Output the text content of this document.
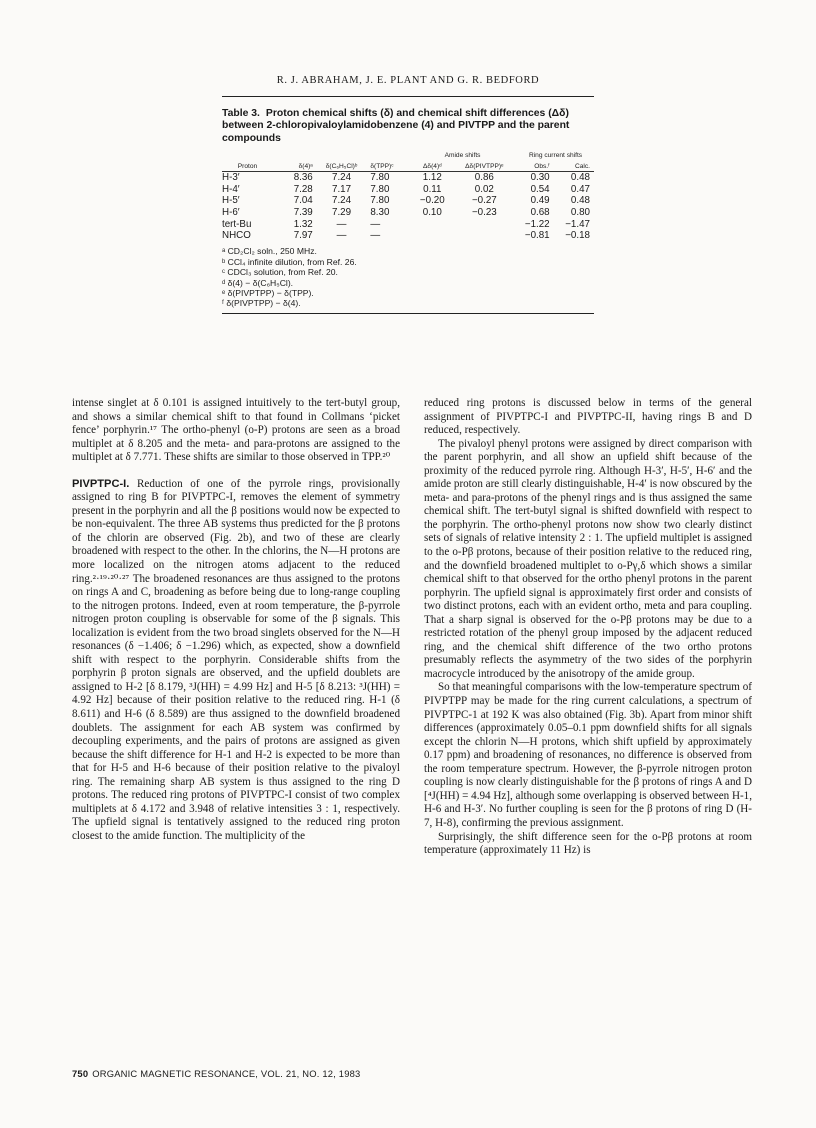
R. J. ABRAHAM, J. E. PLANT AND G. R. BEDFORD
Table 3. Proton chemical shifts (δ) and chemical shift differences (Δδ) between 2-chloropivaloylamidobenzene (4) and PIVTPP and the parent compounds
Amide shifts	Ring current shifts
Proton	δ(4)ᵃ	δ(C₆H₅Cl)ᵇ	δ(TPP)ᶜ	Δδ(4)ᵈ	Δδ(PIVTPP)ᵉ	Obs.ᶠ	Calc.
H-3′	8.36	7.24	7.80	1.12	0.86	0.30	0.48
H-4′	7.28	7.17	7.80	0.11	0.02	0.54	0.47
H-5′	7.04	7.24	7.80	−0.20	−0.27	0.49	0.48
H-6′	7.39	7.29	8.30	0.10	−0.23	0.68	0.80
tert-Bu	1.32	—	—			−1.22	−1.47
NHCO	7.97	—	—			−0.81	−0.18
ᵃ CD₂Cl₂ soln., 250 MHz.
ᵇ CCl₄ infinite dilution, from Ref. 26.
ᶜ CDCl₃ solution, from Ref. 20.
ᵈ δ(4) − δ(C₆H₅Cl).
ᵉ δ(PIVPTPP) − δ(TPP).
ᶠ δ(PIVPTPP) − δ(4).

intense singlet at δ 0.101 is assigned intuitively to the tert-butyl group, and shows a similar chemical shift to that found in Collmans ‘picket fence’ porphyrin.¹⁷ The ortho-phenyl (o-P) protons are seen as a broad multiplet at δ 8.205 and the meta- and para-protons are assigned to the multiplet at δ 7.771. These shifts are similar to those observed in TPP.²⁰

PIVPTPC-I. Reduction of one of the pyrrole rings, provisionally assigned to ring B for PIVPTPC-I, removes the element of symmetry present in the porphyrin and all the β positions would now be expected to be non-equivalent. The three AB systems thus predicted for the β protons of the chlorin are observed (Fig. 2b), and two of these are clearly broadened with respect to the other. In the chlorins, the N—H protons are more localized on the nitrogen atoms adjacent to the reduced ring.²·¹⁹·²⁰·²⁷ The broadened resonances are thus assigned to the protons on rings A and C, broadening as before being due to long-range coupling to the nitrogen protons. Indeed, even at room temperature, the β-pyrrole nitrogen proton coupling is observable for some of the β signals. This localization is evident from the two broad singlets observed for the N—H resonances (δ −1.406; δ −1.296) which, as expected, show a downfield shift with respect to the porphyrin. Considerable shifts from the porphyrin β proton signals are observed, and the upfield doublets are assigned to H-2 [δ 8.179, ³J(HH) = 4.99 Hz] and H-5 [δ 8.213: ³J(HH) = 4.92 Hz] because of their position relative to the reduced ring. H-1 (δ 8.611) and H-6 (δ 8.589) are thus assigned to the downfield broadened doublets. The assignment for each AB system was confirmed by decoupling experiments, and the pairs of protons are assigned as given because the shift difference for H-1 and H-2 is expected to be more than that for H-5 and H-6 because of their position relative to the pivaloyl ring. The remaining sharp AB system is thus assigned to the ring D protons. The reduced ring protons of PIVPTPC-I consist of two complex multiplets at δ 4.172 and 3.948 of relative intensities 3 : 1, respectively. The upfield signal is tentatively assigned to the reduced ring proton closest to the amide function. The multiplicity of the

reduced ring protons is discussed below in terms of the general assignment of PIVPTPC-I and PIVPTPC-II, having rings B and D reduced, respectively.

The pivaloyl phenyl protons were assigned by direct comparison with the parent porphyrin, and all show an upfield shift because of the proximity of the reduced pyrrole ring. Although H-3′, H-5′, H-6′ and the amide proton are still clearly distinguishable, H-4′ is now obscured by the meta- and para-protons of the phenyl rings and is thus assigned the same chemical shift. The tert-butyl signal is shifted downfield with respect to the porphyrin. The ortho-phenyl protons now show two clearly distinct sets of signals of relative intensity 2 : 1. The upfield multiplet is assigned to the o-Pβ protons, because of their position relative to the reduced ring, and the downfield broadened multiplet to o-Pγ,δ which shows a similar chemical shift to that observed for the ortho phenyl protons in the parent porphyrin. The upfield signal is approximately first order and consists of two distinct protons, each with an evident ortho, meta and para coupling. That a sharp signal is observed for the o-Pβ protons may be due to a restricted rotation of the phenyl group imposed by the adjacent reduced ring, and the chemical shift difference of the two ortho protons presumably reflects the asymmetry of the two sides of the porphyrin macrocycle introduced by the anisotropy of the amide group.

So that meaningful comparisons with the low-temperature spectrum of PIVPTPP may be made for the ring current calculations, a spectrum of PIVPTPC-1 at 192 K was also obtained (Fig. 3b). Apart from minor shift differences (approximately 0.05–0.1 ppm downfield shifts for all signals except the chlorin N—H protons, which shift upfield by approximately 0.17 ppm) and broadening of resonances, no difference is observed from the room temperature spectrum. However, the β-pyrrole nitrogen proton coupling is now clearly distinguishable for the β protons of rings A and D [⁴J(HH) = 4.94 Hz], although some overlapping is observed between H-1, H-6 and H-3′. No further coupling is seen for the β protons of ring D (H-7, H-8), confirming the previous assignment.

Surprisingly, the shift difference seen for the o-Pβ protons at room temperature (approximately 11 Hz) is

750 ORGANIC MAGNETIC RESONANCE, VOL. 21, NO. 12, 1983
